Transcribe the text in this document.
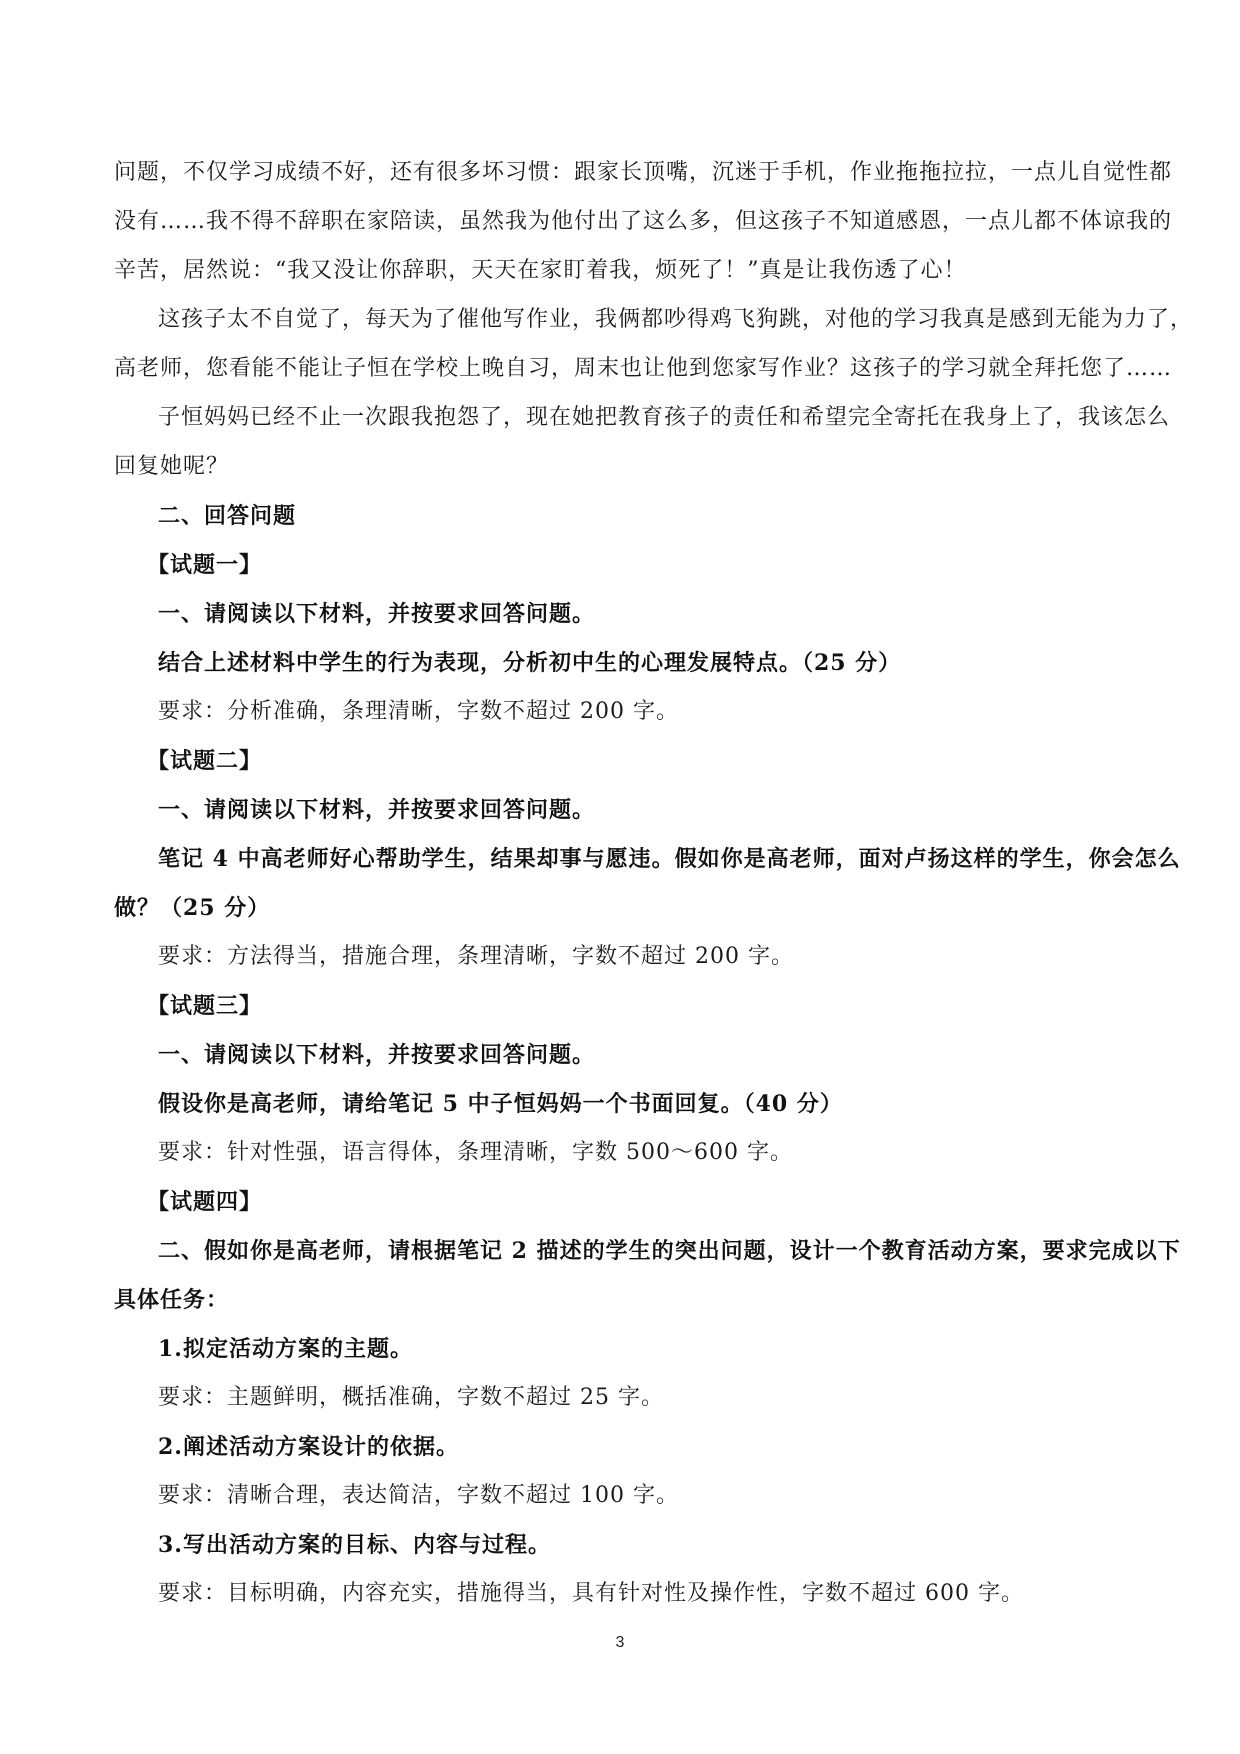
问题，不仅学习成绩不好，还有很多坏习惯：跟家长顶嘴，沉迷于手机，作业拖拖拉拉，一点儿自觉性都
没有……我不得不辞职在家陪读，虽然我为他付出了这么多，但这孩子不知道感恩，一点儿都不体谅我的
辛苦，居然说：“我又没让你辞职，天天在家盯着我，烦死了！”真是让我伤透了心！
这孩子太不自觉了，每天为了催他写作业，我俩都吵得鸡飞狗跳，对他的学习我真是感到无能为力了，
高老师，您看能不能让子恒在学校上晚自习，周末也让他到您家写作业？这孩子的学习就全拜托您了……
子恒妈妈已经不止一次跟我抱怨了，现在她把教育孩子的责任和希望完全寄托在我身上了，我该怎么
回复她呢？
二、回答问题
【试题一】
一、请阅读以下材料，并按要求回答问题。
结合上述材料中学生的行为表现，分析初中生的心理发展特点。（25 分）
要求：分析准确，条理清晰，字数不超过 200 字。
【试题二】
一、请阅读以下材料，并按要求回答问题。
笔记 4 中高老师好心帮助学生，结果却事与愿违。假如你是高老师，面对卢扬这样的学生，你会怎么
做？（25 分）
要求：方法得当，措施合理，条理清晰，字数不超过 200 字。
【试题三】
一、请阅读以下材料，并按要求回答问题。
假设你是高老师，请给笔记 5 中子恒妈妈一个书面回复。（40 分）
要求：针对性强，语言得体，条理清晰，字数 500～600 字。
【试题四】
二、假如你是高老师，请根据笔记 2 描述的学生的突出问题，设计一个教育活动方案，要求完成以下
具体任务：
1.拟定活动方案的主题。
要求：主题鲜明，概括准确，字数不超过 25 字。
2.阐述活动方案设计的依据。
要求：清晰合理，表达简洁，字数不超过 100 字。
3.写出活动方案的目标、内容与过程。
要求：目标明确，内容充实，措施得当，具有针对性及操作性，字数不超过 600 字。
3
